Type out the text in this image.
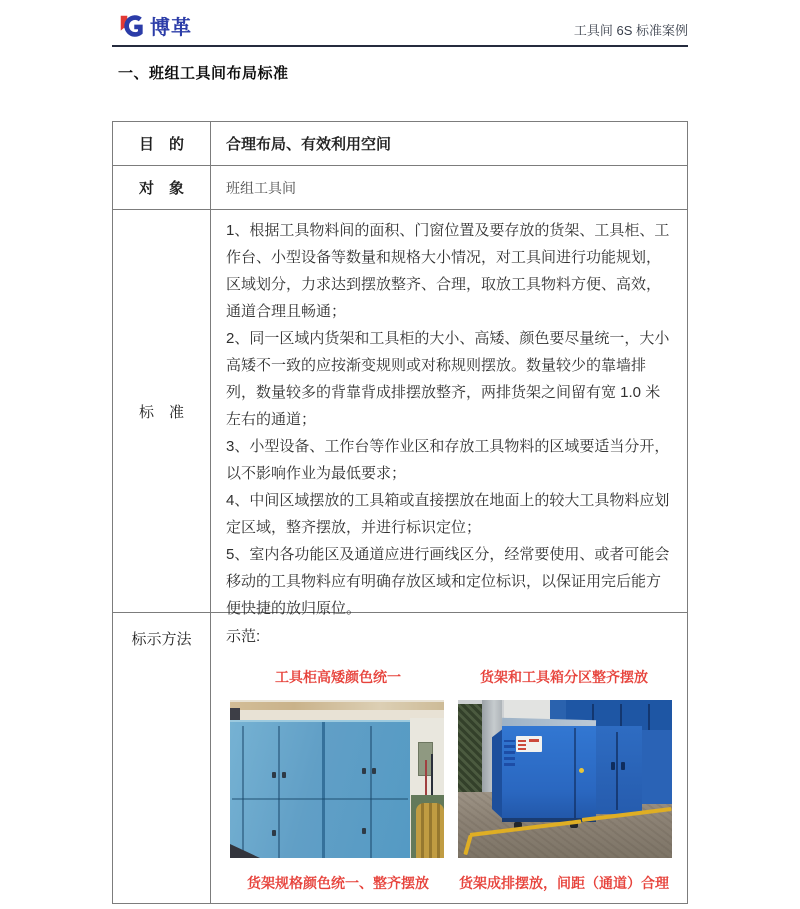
博革	工具间 6S 标准案例
一、班组工具间布局标准
目　的	合理布局、有效利用空间
对　象	班组工具间
标　准

1、根据工具物料间的面积、门窗位置及要存放的货架、工具柜、工作台、小型设备等数量和规格大小情况，对工具间进行功能规划，区域划分，力求达到摆放整齐、合理，取放工具物料方便、高效，通道合理且畅通；

2、同一区域内货架和工具柜的大小、高矮、颜色要尽量统一，大小高矮不一致的应按渐变规则或对称规则摆放。数量较少的靠墙排列，数量较多的背靠背成排摆放整齐，两排货架之间留有宽 1.0 米左右的通道；

3、小型设备、工作台等作业区和存放工具物料的区域要适当分开，以不影响作业为最低要求；

4、中间区域摆放的工具箱或直接摆放在地面上的较大工具物料应划定区域，整齐摆放，并进行标识定位；

5、室内各功能区及通道应进行画线区分，经常要使用、或者可能会移动的工具物料应有明确存放区域和定位标识，以保证用完后能方便快捷的放归原位。

标示方法	示范:
工具柜高矮颜色统一	货架和工具箱分区整齐摆放
货架规格颜色统一、整齐摆放	货架成排摆放，间距（通道）合理
